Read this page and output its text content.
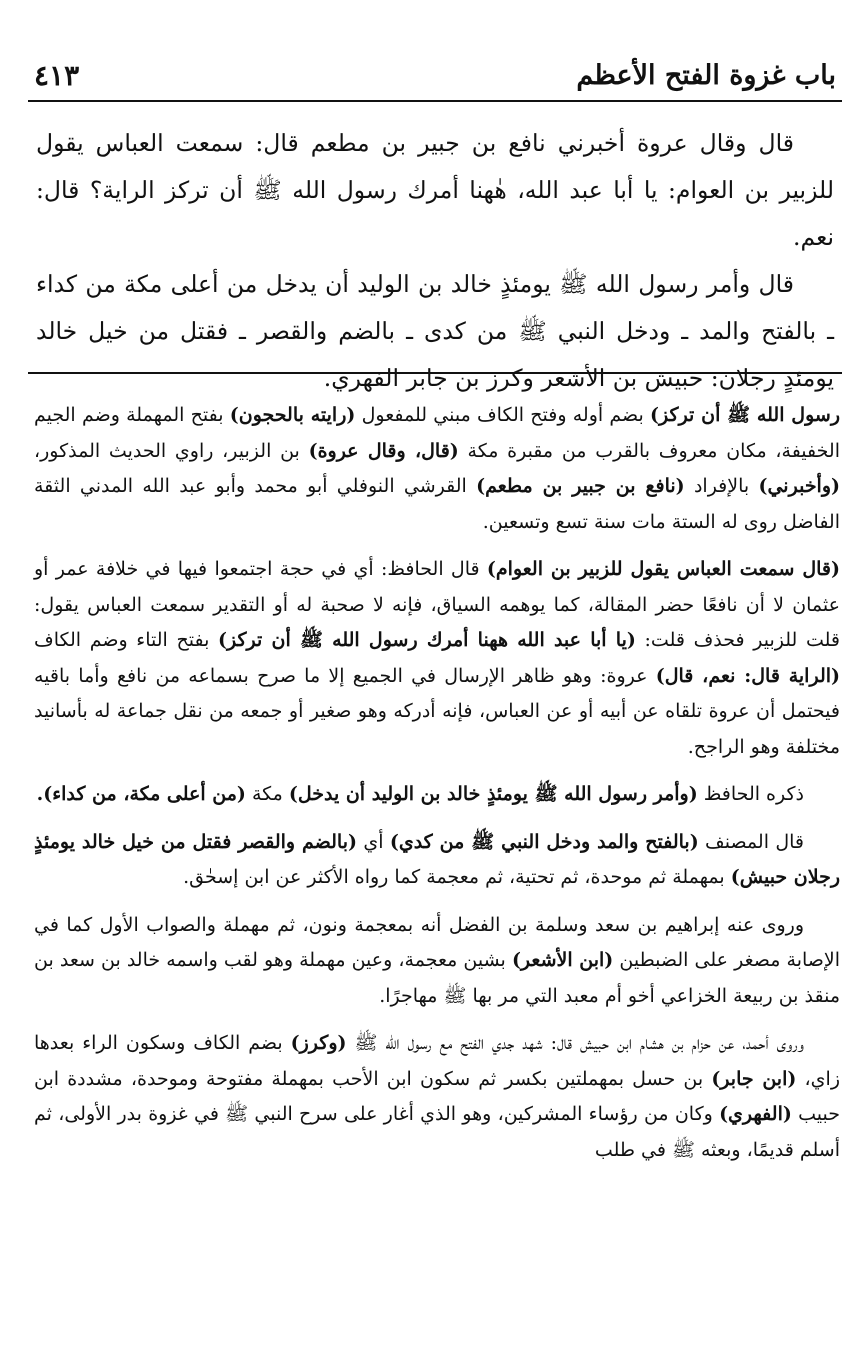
باب غزوة الفتح الأعظم
٤١٣

قال وقال عروة أخبرني نافع بن جبير بن مطعم قال: سمعت العباس يقول للزبير بن العوام: يا أبا عبد الله، هٰهنا أمرك رسول الله ﷺ أن تركز الراية؟ قال: نعم.

قال وأمر رسول الله ﷺ يومئذٍ خالد بن الوليد أن يدخل من أعلى مكة من كداء ـ بالفتح والمد ـ ودخل النبي ﷺ من كدى ـ بالضم والقصر ـ فقتل من خيل خالد يومئذٍ رجلان: حبيش بن الأشعر وكرز بن جابر الفهري.

رسول الله ﷺ أن تركز) بضم أوله وفتح الكاف مبني للمفعول (رايته بالحجون) بفتح المهملة وضم الجيم الخفيفة، مكان معروف بالقرب من مقبرة مكة (قال، وقال عروة) بن الزبير، راوي الحديث المذكور، (وأخبرني) بالإفراد (نافع بن جبير بن مطعم) القرشي النوفلي أبو محمد وأبو عبد الله المدني الثقة الفاضل روى له الستة مات سنة تسع وتسعين.

(قال سمعت العباس يقول للزبير بن العوام) قال الحافظ: أي في حجة اجتمعوا فيها في خلافة عمر أو عثمان لا أن نافعًا حضر المقالة، كما يوهمه السياق، فإنه لا صحبة له أو التقدير سمعت العباس يقول: قلت للزبير فحذف قلت: (يا أبا عبد الله ههنا أمرك رسول الله ﷺ أن تركز) بفتح التاء وضم الكاف (الراية قال: نعم، قال) عروة: وهو ظاهر الإرسال في الجميع إلا ما صرح بسماعه من نافع وأما باقيه فيحتمل أن عروة تلقاه عن أبيه أو عن العباس، فإنه أدركه وهو صغير أو جمعه من نقل جماعة له بأسانيد مختلفة وهو الراجح.

ذكره الحافظ (وأمر رسول الله ﷺ يومئذٍ خالد بن الوليد أن يدخل) مكة (من أعلى مكة، من كداء).

قال المصنف (بالفتح والمد ودخل النبي ﷺ من كدي) أي (بالضم والقصر فقتل من خيل خالد يومئذٍ رجلان حبيش) بمهملة ثم موحدة، ثم تحتية، ثم معجمة كما رواه الأكثر عن ابن إسحٰق.

وروى عنه إبراهيم بن سعد وسلمة بن الفضل أنه بمعجمة ونون، ثم مهملة والصواب الأول كما في الإصابة مصغر على الضبطين (ابن الأشعر) بشين معجمة، وعين مهملة وهو لقب واسمه خالد بن سعد بن منقذ بن ربيعة الخزاعي أخو أم معبد التي مر بها ﷺ مهاجرًا.

وروى أحمد، عن حزام بن هشام ابن حبيش قال: شهد جدي الفتح مع رسول الله ﷺ (وكرز) بضم الكاف وسكون الراء بعدها زاي، (ابن جابر) بن حسل بمهملتين بكسر ثم سكون ابن الأحب بمهملة مفتوحة وموحدة، مشددة ابن حبيب (الفهري) وكان من رؤساء المشركين، وهو الذي أغار على سرح النبي ﷺ في غزوة بدر الأولى، ثم أسلم قديمًا، وبعثه ﷺ في طلب
